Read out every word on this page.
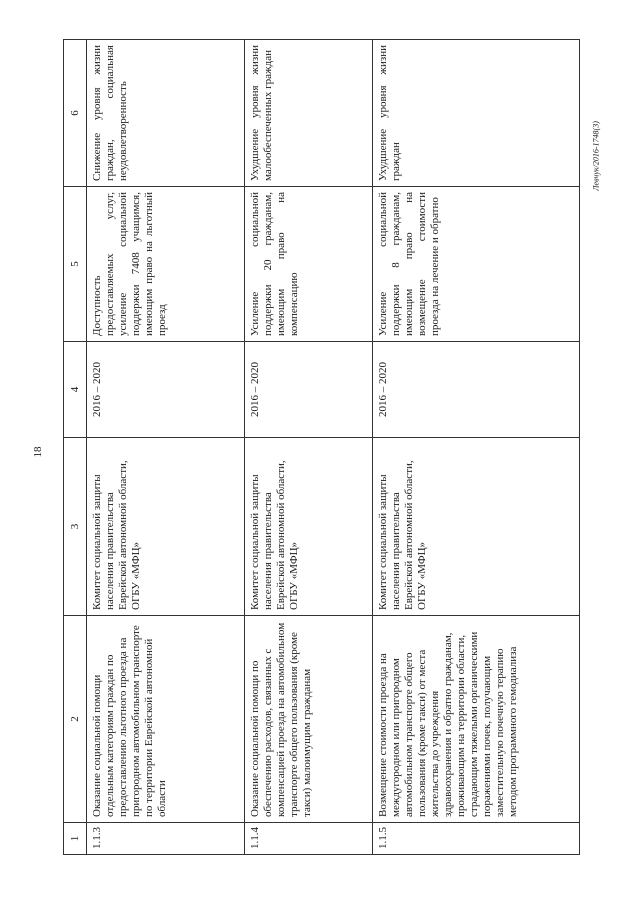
18
1	2	3	4	5	6
1.1.3	Оказание социальной помощи отдельным категориям граждан по предоставлению льготного проезда на пригородном автомобильном транспорте по территории Еврейской автономной области	Комитет социальной защиты населения правительства Еврейской автономной области, ОГБУ «МФЦ»	2016 – 2020	Доступность предоставляемых услуг, усиление социальной поддержки 7408 учащимся, имеющим право на льготный проезд	Снижение уровня жизни граждан, социальная неудовлетворенность
1.1.4	Оказание социальной помощи по обеспечению расходов, связанных с компенсацией проезда на автомобильном транспорте общего пользования (кроме такси) малоимущим гражданам	Комитет социальной защиты населения правительства Еврейской автономной области, ОГБУ «МФЦ»	2016 – 2020	Усиление социальной поддержки 20 гражданам, имеющим право на компенсацию	Ухудшение уровня жизни малообеспеченных граждан
1.1.5	Возмещение стоимости проезда на междугородном или пригородном автомобильном транспорте общего пользования (кроме такси) от места жительства до учреждения здравоохранения и обратно гражданам, проживающим на территории области, страдающим тяжелыми органическими поражениями почек, получающим заместительную почечную терапию методом программного гемодиализа	Комитет социальной защиты населения правительства Еврейской автономной области, ОГБУ «МФЦ»	2016 – 2020	Усиление социальной поддержки 8 гражданам, имеющим право на возмещение стоимости проезда на лечение и обратно	Ухудшение уровня жизни граждан	Левчук/2016-1748(3)
